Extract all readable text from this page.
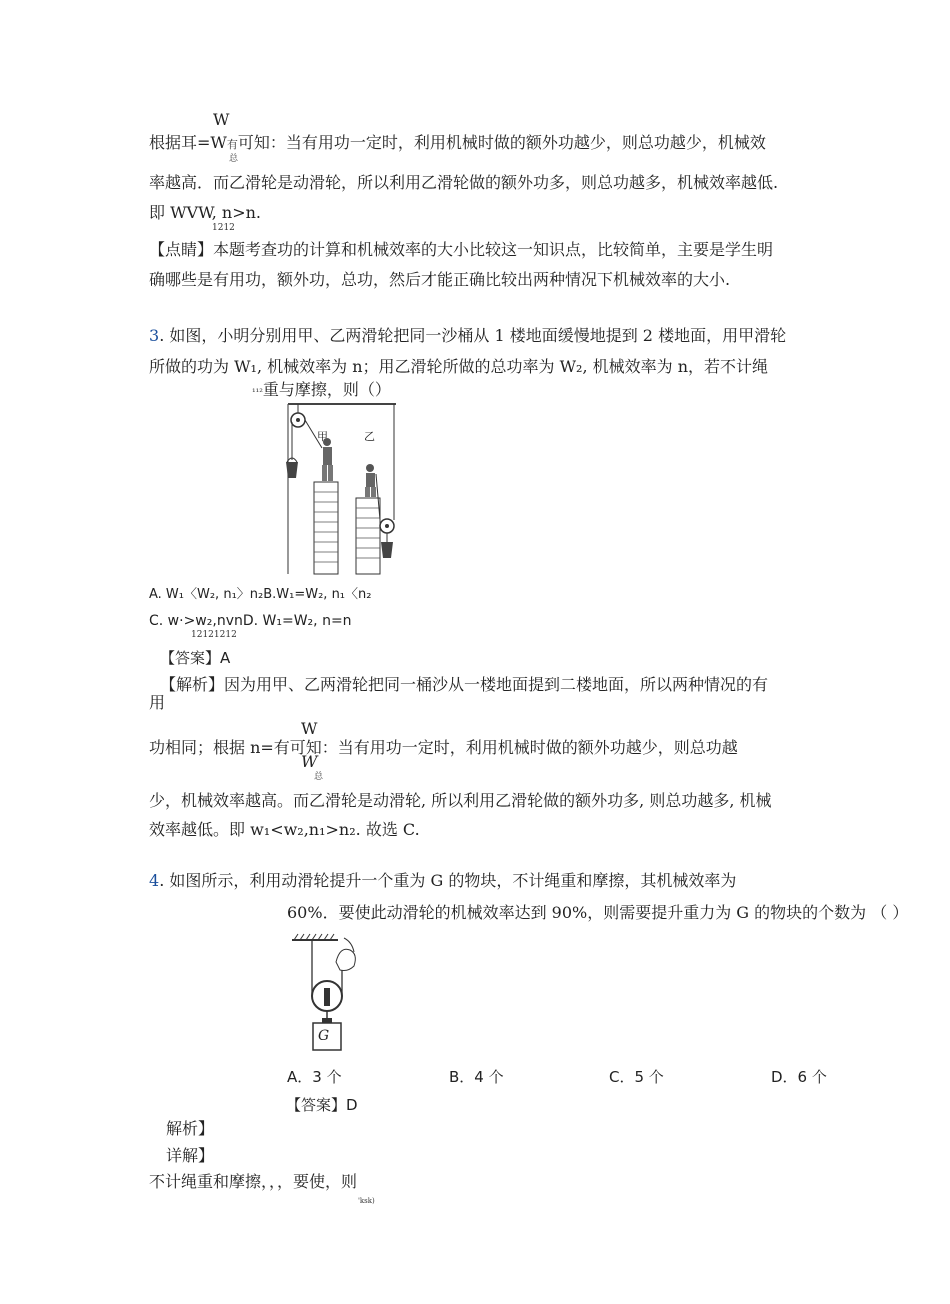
W
根据耳=W有可知：当有用功一定时，利用机械时做的额外功越少，则总功越少，机械效
总
率越高．而乙滑轮是动滑轮，所以利用乙滑轮做的额外功多，则总功越多，机械效率越低.
即 WVW, n>n.
1212
【点睛】本题考查功的计算和机械效率的大小比较这一知识点，比较简单，主要是学生明
确哪些是有用功，额外功，总功，然后才能正确比较出两种情况下机械效率的大小.
3. 如图，小明分别用甲、乙两滑轮把同一沙桶从 1 楼地面缓慢地提到 2 楼地面，用甲滑轮
所做的功为 W₁, 机械效率为 n；用乙滑轮所做的总功率为 W₂, 机械效率为 n，若不计绳
¹¹²重与摩擦，则（）
甲	乙
A. W₁〈W₂, n₁〉n₂B.W₁=W₂, n₁〈n₂
C. w·>w₂,nvnD. W₁=W₂, n=n
12121212
【答案】A
【解析】因为用甲、乙两滑轮把同一桶沙从一楼地面提到二楼地面，所以两种情况的有
用
W
功相同；根据 n=有可知：当有用功一定时，利用机械时做的额外功越少，则总功越
W
总
少，机械效率越高。而乙滑轮是动滑轮, 所以利用乙滑轮做的额外功多, 则总功越多, 机械
效率越低。即 w₁<w₂,n₁>n₂. 故选 C.
4. 如图所示，利用动滑轮提升一个重为 G 的物块，不计绳重和摩擦，其机械效率为
60%．要使此动滑轮的机械效率达到 90%，则需要提升重力为 G 的物块的个数为 （ ）
G
A．3 个	B．4 个	C．5 个	D．6 个
【答案】D
解析】
详解】
不计绳重和摩擦，，，要使，则
'ksk)
